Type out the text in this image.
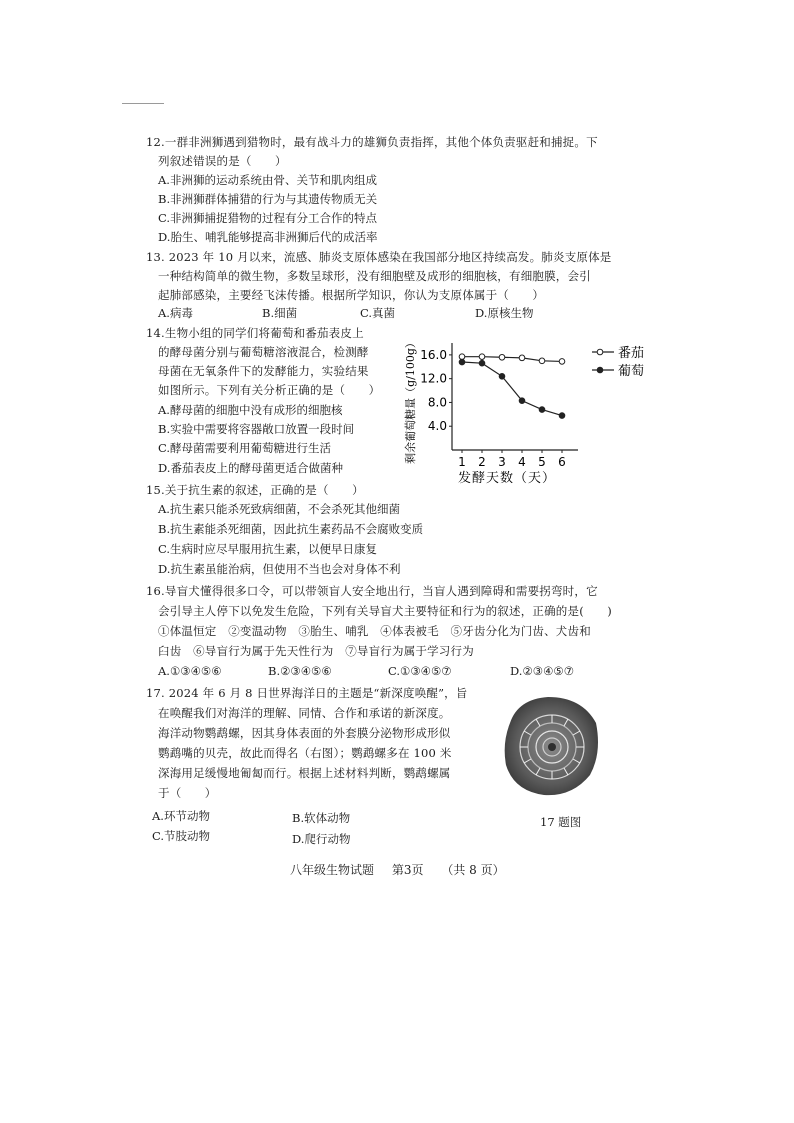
12.一群非洲狮遇到猎物时，最有战斗力的雄狮负责指挥，其他个体负责驱赶和捕捉。下
列叙述错误的是（　　）
A.非洲狮的运动系统由骨、关节和肌肉组成
B.非洲狮群体捕猎的行为与其遗传物质无关
C.非洲狮捕捉猎物的过程有分工合作的特点
D.胎生、哺乳能够提高非洲狮后代的成活率
13. 2023 年 10 月以来，流感、肺炎支原体感染在我国部分地区持续高发。肺炎支原体是
一种结构简单的微生物，多数呈球形，没有细胞壁及成形的细胞核，有细胞膜，会引
起肺部感染，主要经飞沫传播。根据所学知识，你认为支原体属于（　　）
A.病毒	B.细菌	C.真菌	D.原核生物
14.生物小组的同学们将葡萄和番茄表皮上
的酵母菌分别与葡萄糖溶液混合，检测酵
母菌在无氧条件下的发酵能力，实验结果
如图所示。下列有关分析正确的是（　　）
A.酵母菌的细胞中没有成形的细胞核
B.实验中需要将容器敞口放置一段时间
C.酵母菌需要利用葡萄糖进行生活
D.番茄表皮上的酵母菌更适合做菌种
16.0
12.0
8.0
4.0
1 2 3 4 5 6
发酵天数（天）
剩余葡萄糖量（g/100g）	番茄
葡萄
15.关于抗生素的叙述，正确的是（　　）
A.抗生素只能杀死致病细菌，不会杀死其他细菌
B.抗生素能杀死细菌，因此抗生素药品不会腐败变质
C.生病时应尽早服用抗生素，以便早日康复
D.抗生素虽能治病，但使用不当也会对身体不利
16.导盲犬懂得很多口令，可以带领盲人安全地出行，当盲人遇到障碍和需要拐弯时，它
会引导主人停下以免发生危险，下列有关导盲犬主要特征和行为的叙述，正确的是(　　)
①体温恒定　②变温动物　③胎生、哺乳　④体表被毛　⑤牙齿分化为门齿、犬齿和
臼齿　⑥导盲行为属于先天性行为　⑦导盲行为属于学习行为
A.①③④⑤⑥	B.②③④⑤⑥	C.①③④⑤⑦	D.②③④⑤⑦
17. 2024 年 6 月 8 日世界海洋日的主题是“新深度唤醒”，旨
在唤醒我们对海洋的理解、同情、合作和承诺的新深度。
海洋动物鹦鹉螺，因其身体表面的外套膜分泌物形成形似
鹦鹉嘴的贝壳，故此而得名（右图）；鹦鹉螺多在 100 米
深海用足缓慢地匍匐而行。根据上述材料判断，鹦鹉螺属
于（　　）
A.环节动物	B.软体动物
C.节肢动物	D.爬行动物
17 题图
八年级生物试题 第3页 （共 8 页）
